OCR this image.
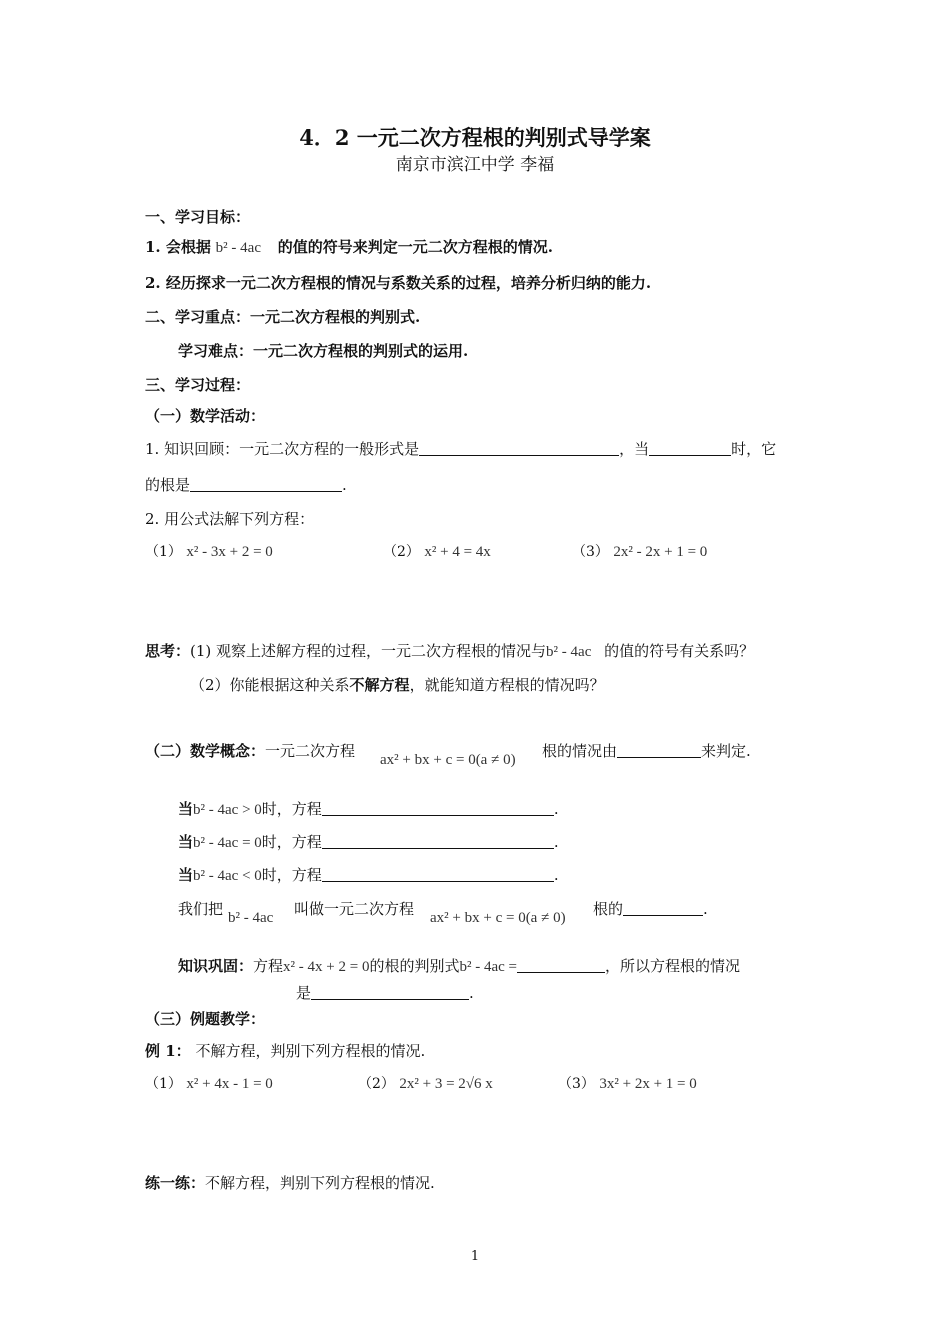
4．2 一元二次方程根的判别式导学案
南京市滨江中学 李福
一、学习目标：
1. 会根据 b² - 4ac 的值的符号来判定一元二次方程根的情况.
2. 经历探求一元二次方程根的情况与系数关系的过程，培养分析归纳的能力.
二、学习重点：一元二次方程根的判别式.
学习难点：一元二次方程根的判别式的运用.
三、学习过程：
（一）数学活动：
1. 知识回顾：一元二次方程的一般形式是	，当	时，它
的根是	.
2. 用公式法解下列方程：
（1） x² - 3x + 2 = 0	（2） x² + 4 = 4x	（3） 2x² - 2x + 1 = 0
思考：(1) 观察上述解方程的过程，一元二次方程根的情况与b² - 4ac 的值的符号有关系吗？
（2）你能根据这种关系不解方程，就能知道方程根的情况吗？
（二）数学概念：一元二次方程 ax² + bx + c = 0(a ≠ 0) 根的情况由	来判定.
当b² - 4ac > 0时，方程	.
当b² - 4ac = 0时，方程	.
当b² - 4ac < 0时，方程	.
我们把 b² - 4ac 叫做一元二次方程 ax² + bx + c = 0(a ≠ 0) 根的	.
知识巩固：方程x² - 4x + 2 = 0的根的判别式b² - 4ac =	，所以方程根的情况
是	.
（三）例题教学：
例 1： 不解方程，判别下列方程根的情况.
（1） x² + 4x - 1 = 0	（2） 2x² + 3 = 2√6 x	（3） 3x² + 2x + 1 = 0
练一练：不解方程，判别下列方程根的情况.
1
